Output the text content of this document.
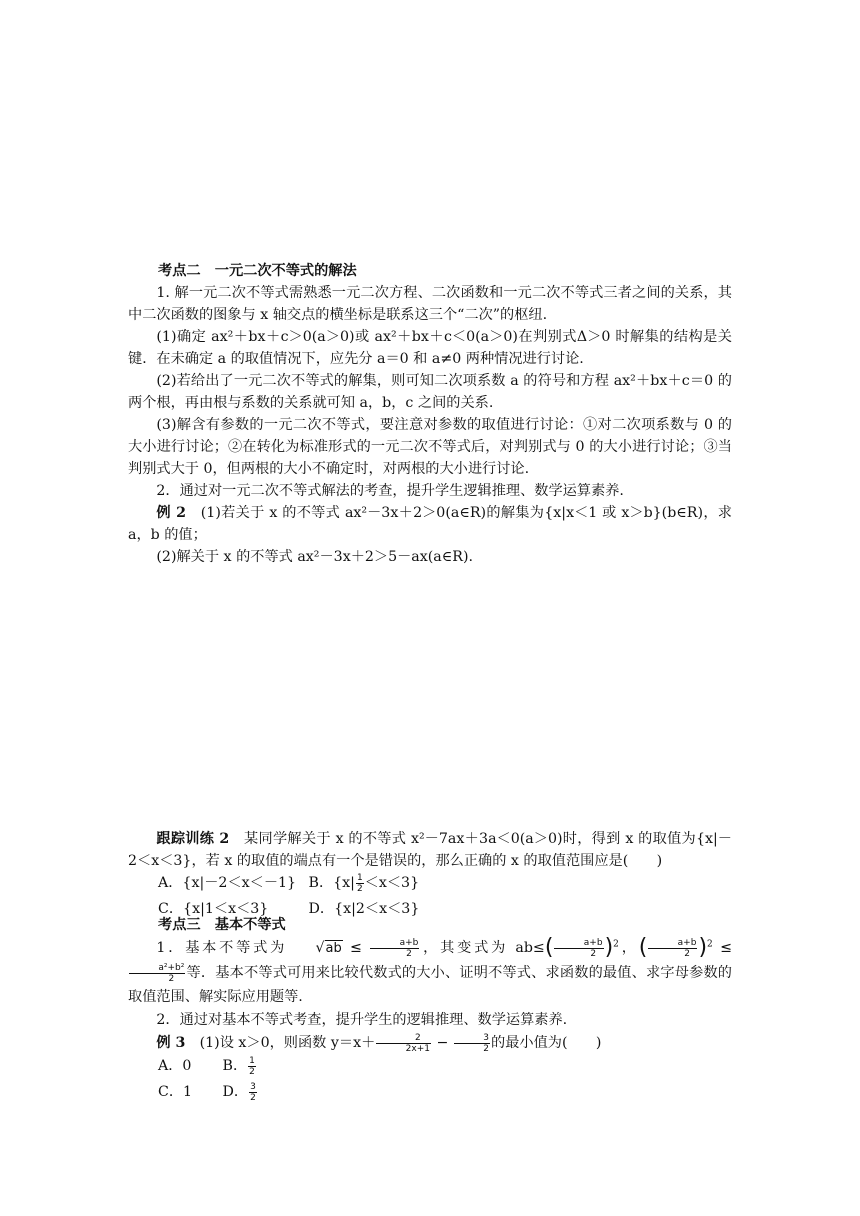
考点二　一元二次不等式的解法

1. 解一元二次不等式需熟悉一元二次方程、二次函数和一元二次不等式三者之间的关系，其中二次函数的图象与 x 轴交点的横坐标是联系这三个“二次”的枢纽.

(1)确定 ax²＋bx＋c＞0(a＞0)或 ax²＋bx＋c＜0(a＞0)在判别式Δ＞0 时解集的结构是关键．在未确定 a 的取值情况下，应先分 a＝0 和 a≠0 两种情况进行讨论.

(2)若给出了一元二次不等式的解集，则可知二次项系数 a 的符号和方程 ax²＋bx＋c＝0 的两个根，再由根与系数的关系就可知 a，b，c 之间的关系.

(3)解含有参数的一元二次不等式，要注意对参数的取值进行讨论：①对二次项系数与 0 的大小进行讨论；②在转化为标准形式的一元二次不等式后，对判别式与 0 的大小进行讨论；③当判别式大于 0，但两根的大小不确定时，对两根的大小进行讨论.

2．通过对一元二次不等式解法的考查，提升学生逻辑推理、数学运算素养.

例 2　 (1)若关于 x 的不等式 ax²－3x＋2＞0(a∈R)的解集为{x|x＜1 或 x＞b}(b∈R)，求 a，b 的值；

(2)解关于 x 的不等式 ax²－3x＋2＞5－ax(a∈R).

跟踪训练 2　 某同学解关于 x 的不等式 x²－7ax＋3a＜0(a＞0)时，得到 x 的取值为{x|－2＜x＜3}，若 x 的取值的端点有一个是错误的，那么正确的 x 的取值范围应是(　　)

A．{x|－2＜x＜－1} B．$\{x| \frac{1}{2} <x<3\}$

C．{x|1＜x＜3}	D．{x|2＜x＜3}

考点三　基本不等式

1．基本不等式为 $√ab \le \frac{a+b}{2}$ ，其变式为 $ab\le( \frac{a+b}{2} )^2$，( $\frac{a+b}{2} )^2$ ≤
$\frac{\text{a²+b²}}{2}$ 等．基本不等式可用来比较代数式的大小、证明不等式、求函数的最值、求字母参数的取值范围、解实际应用题等.

2．通过对基本不等式考查，提升学生的逻辑推理、数学运算素养.

例 3　 (1)设 x＞0，则函数 $y=x+ \frac{2}{2x+1} - \frac{3}{2}$ 的最小值为(　　)

A．0 B． $\frac{1}{2}$

C．1 D． $\frac{3}{2}$
